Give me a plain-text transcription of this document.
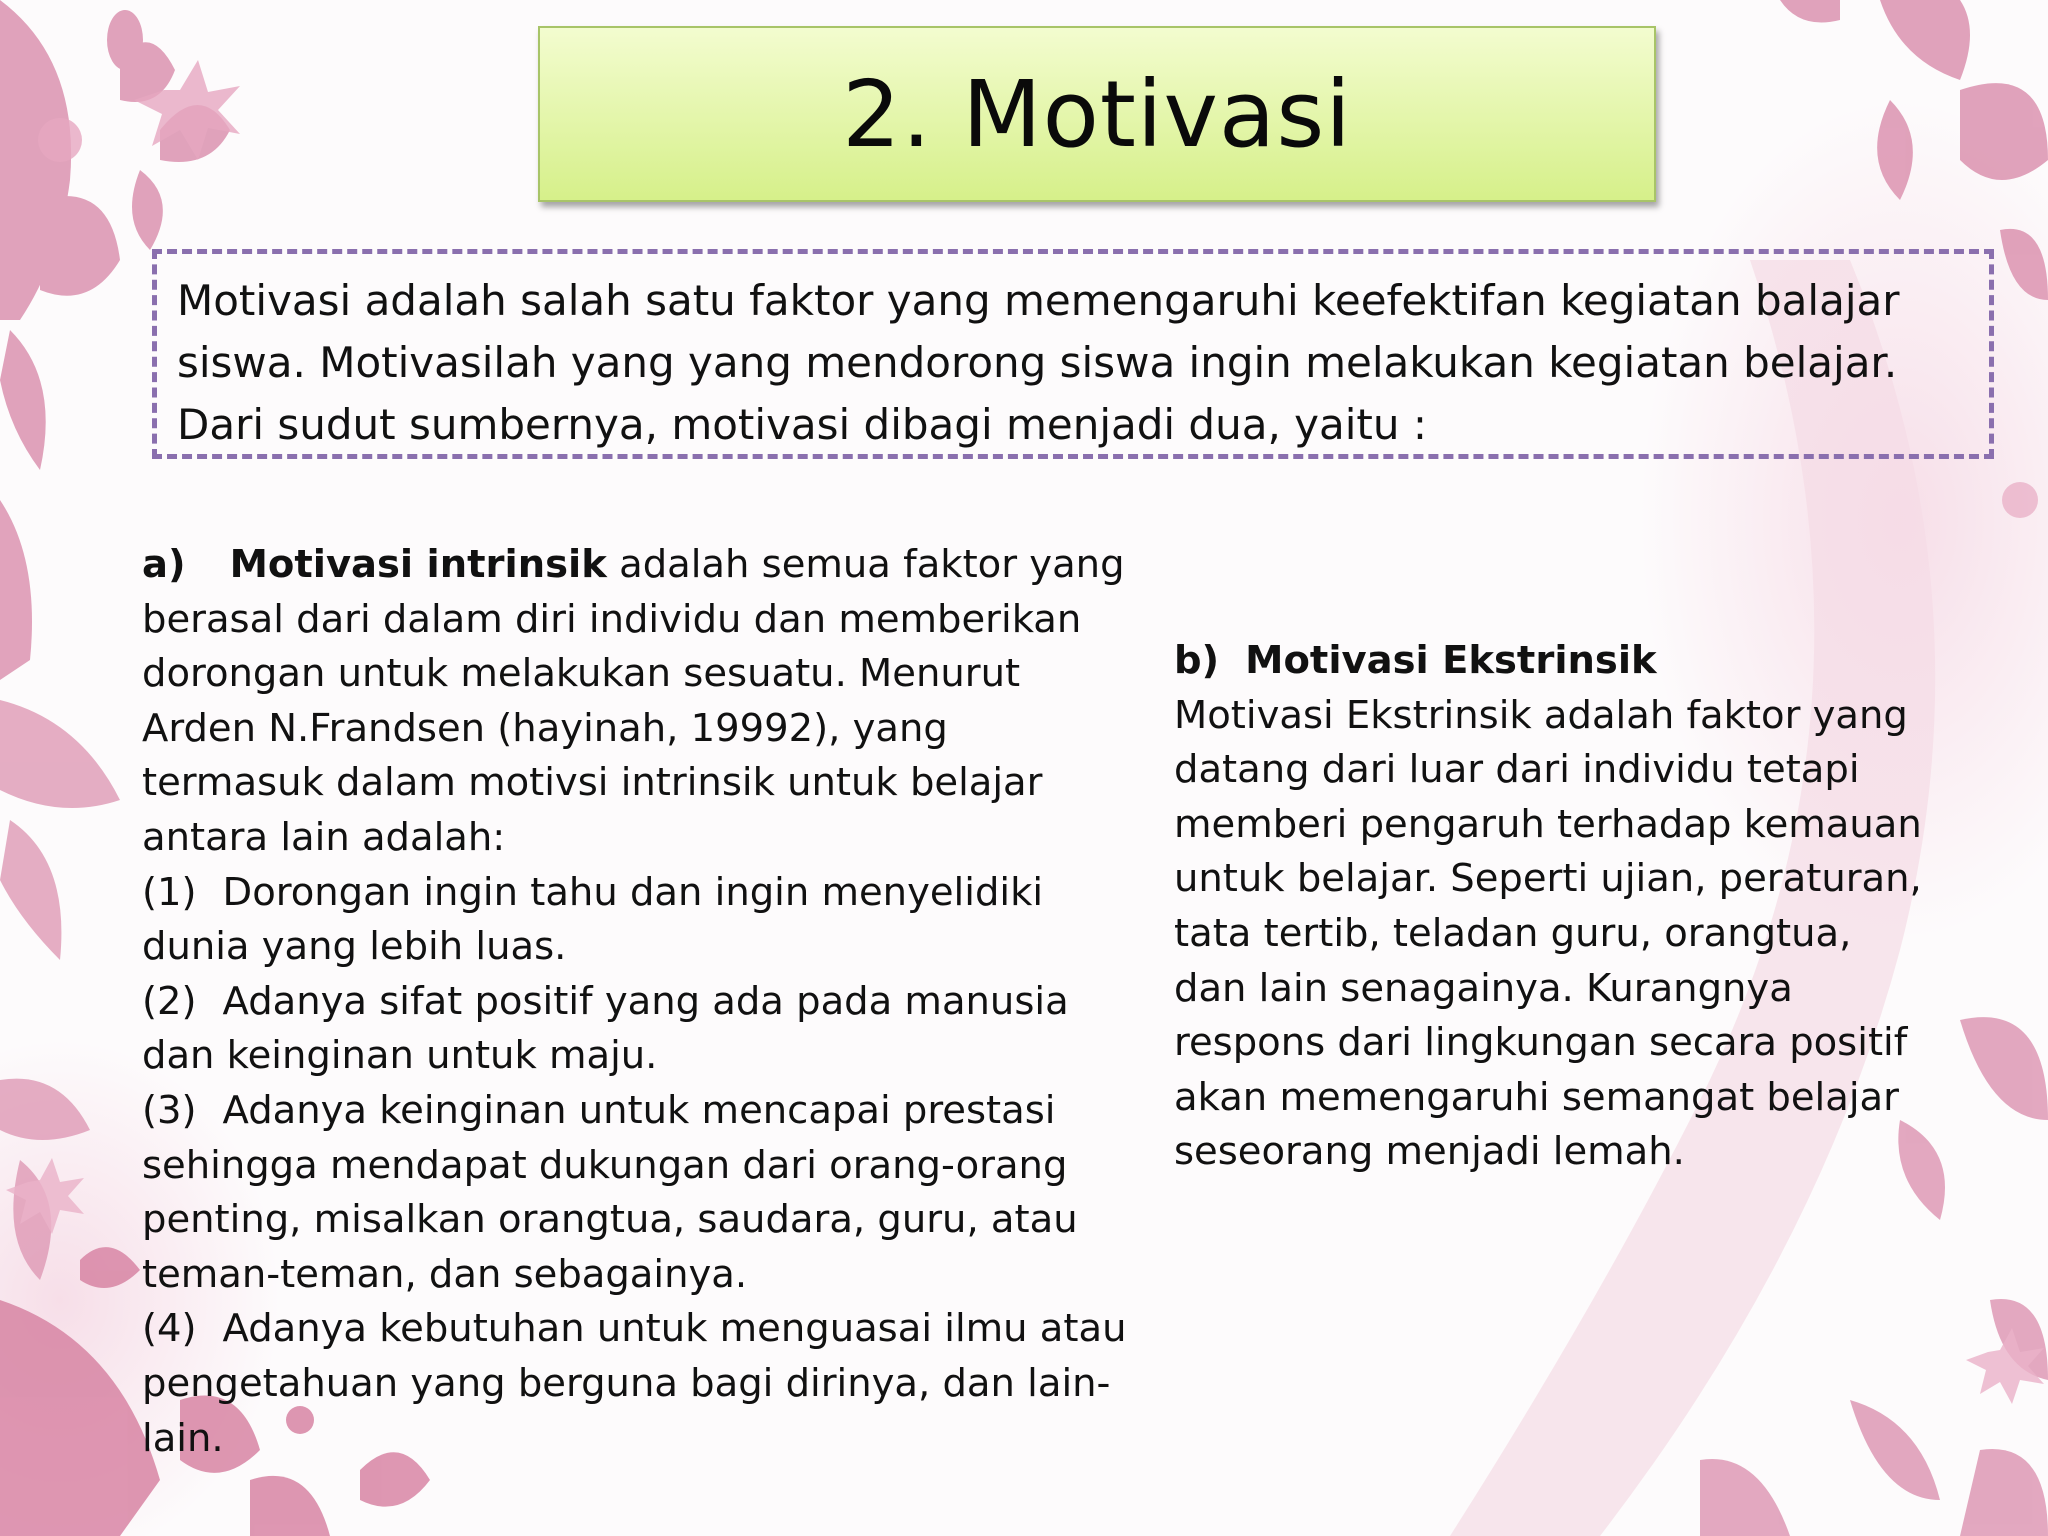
2. Motivasi
Motivasi adalah salah satu faktor yang memengaruhi keefektifan kegiatan balajar siswa. Motivasilah yang yang mendorong siswa ingin melakukan kegiatan belajar. Dari sudut sumbernya, motivasi dibagi menjadi dua, yaitu :

a) Motivasi intrinsik adalah semua faktor yang berasal dari dalam diri individu dan memberikan dorongan untuk melakukan sesuatu. Menurut Arden N.Frandsen (hayinah, 19992), yang termasuk dalam motivsi intrinsik untuk belajar antara lain adalah:

(1) Dorongan ingin tahu dan ingin menyelidiki dunia yang lebih luas.

(2) Adanya sifat positif yang ada pada manusia dan keinginan untuk maju.

(3) Adanya keinginan untuk mencapai prestasi sehingga mendapat dukungan dari orang-orang penting, misalkan orangtua, saudara, guru, atau teman-teman, dan sebagainya.

(4) Adanya kebutuhan untuk menguasai ilmu atau pengetahuan yang berguna bagi dirinya, dan lain-lain.

b) Motivasi Ekstrinsik

Motivasi Ekstrinsik adalah faktor yang datang dari luar dari individu tetapi memberi pengaruh terhadap kemauan untuk belajar. Seperti ujian, peraturan, tata tertib, teladan guru, orangtua, dan lain senagainya. Kurangnya respons dari lingkungan secara positif akan memengaruhi semangat belajar seseorang menjadi lemah.
